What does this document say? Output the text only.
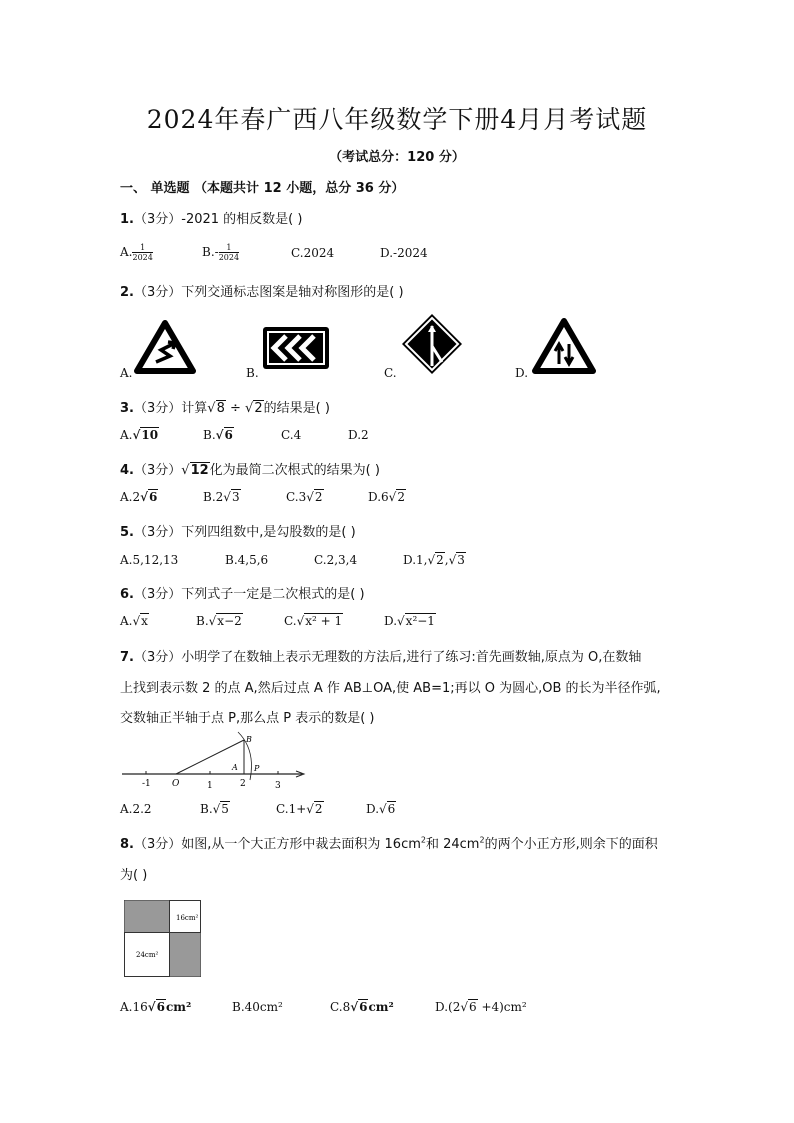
2024年春广西八年级数学下册4月月考试题
（考试总分：120 分）
一、 单选题 （本题共计 12 小题，总分 36 分）
1.（3分）-2021 的相反数是( )
A. $\frac{1}{2024}$	$B.- \frac{1}{2024}$	C.2024	D.-2024
2.（3分）下列交通标志图案是轴对称图形的是( )
A.	B.	C.	D.
3.（3分）计算√8 ÷ √2的结果是( )
A.√10	B.√6	C.4	D.2
4.（3分）√12化为最简二次根式的结果为( )
A.2√6	B.2√3	C.3√2	D.6√2
5.（3分）下列四组数中,是勾股数的是( )
A.5,12,13	B.4,5,6	C.2,3,4	D.1,√2,√3
6.（3分）下列式子一定是二次根式的是( )
A.√x	B.√x−2	C.√x² + 1	D.√x²−1
7.（3分）小明学了在数轴上表示无理数的方法后,进行了练习:首先画数轴,原点为 O,在数轴
上找到表示数 2 的点 A,然后过点 A 作 AB⊥OA,使 AB=1;再以 O 为圆心,OB 的长为半径作弧,
交数轴正半轴于点 P,那么点 P 表示的数是( )
-1	1	2	3
O
A
B
P
A.2.2	B.√5	C.1+√2	D.√6
8.（3分）如图,从一个大正方形中裁去面积为 $16cm^2$和 $24cm^2$的两个小正方形,则余下的面积
为( )
16cm²
24cm²
A.16√6cm²	B.40cm²	C.8√6cm²	D.(2√6 +4)cm²
